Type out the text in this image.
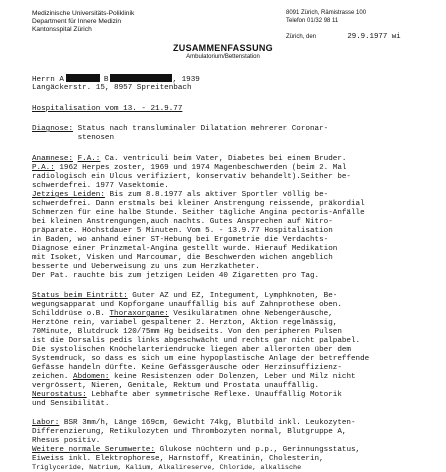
Medizinische Universitäts-Poliklinik
Department für Innere Medizin
Kantonsspital Zürich
8091 Zürich, Rämistrasse 100
Telefon 01/32 98 11
Zürich, den	29.9.1977 wi
ZUSAMMENFASSUNG
Ambulatorium/Bettenstation
Herrn A	B	, 1939
Langäckerstr. 15, 8957 Spreitenbach
Hospitalisation vom 13. - 21.9.77
Diagnose: Status nach transluminaler Dilatation mehrerer Coronar-
stenosen
Anamnese: F.A.: Ca. ventriculi beim Vater, Diabetes bei einem Bruder.
P.A.: 1962 Herpes zoster, 1969 und 1974 Magenbeschwerden (beim 2. Mal
radiologisch ein Ulcus verifiziert, konservativ behandelt).Seither be-
schwerdefrei. 1977 Vasektomie.
Jetziges Leiden: Bis zum 8.8.1977 als aktiver Sportler völlig be-
schwerdefrei. Dann erstmals bei kleiner Anstrengung reissende, präkordial
Schmerzen für eine halbe Stunde. Seither tägliche Angina pectoris-Anfälle
bei kleinen Anstrengungen,auch nachts. Gutes Ansprechen auf Nitro-
präparate. Höchstdauer 5 Minuten. Vom 5. - 13.9.77 Hospitalisation
in Baden, wo anhand einer ST-Hebung bei Ergometrie die Verdachts-
Diagnose einer Prinzmetal-Angina gestellt wurde. Hierauf Medikation
mit Isoket, Visken und Marcoumar, die Beschwerden wichen angeblich
besserte und Ueberweisung zu uns zum Herzkatheter.
Der Pat. rauchte bis zum jetzigen Leiden 40 Zigaretten pro Tag.
Status beim Eintritt: Guter AZ und EZ, Integument, Lymphknoten, Be-
wegungsapparat und Kopforgane unauffällig bis auf Zahnprothese oben.
Schilddrüse o.B. Thoraxorgane: Vesikuläratmen ohne Nebengeräusche,
Herztöne rein, variabel gespaltener 2. Herzton, Aktion regelmässig,
70Minute, Blutdruck 120/75mm Hg beidseits. Von den peripheren Pulsen
ist die Dorsalis pedis links abgeschwächt und rechts gar nicht palpabel.
Die systolischen Knöchelarteriendrucke liegen aber allerorten über dem
Systemdruck, so dass es sich um eine hypoplastische Anlage der betreffende
Gefässe handeln dürfte. Keine Gefässgeräusche oder Herzinsuffizienz-
zeichen. Abdomen: keine Resistenzen oder Dolenzen, Leber und Milz nicht
vergrössert, Nieren, Genitale, Rektum und Prostata unauffällig.
Neurostatus: Lebhafte aber symmetrische Reflexe. Unauffällig Motorik
und Sensibilität.
Labor: BSR 3mm/h, Länge 169cm, Gewicht 74kg, Blutbild inkl. Leukozyten-
Differenzierung, Retikulozyten und Thrombozyten normal, Blutgruppe A,
Rhesus positiv.
Weitere normale Serumwerte: Glukose nüchtern und p.p., Gerinnungsstatus,
Eiweiss inkl. Elektrophorese, Harnstoff, Kreatinin, Cholesterin,
Triglyceride, Natrium, Kalium, Alkalireserve, Chloride, alkalische
